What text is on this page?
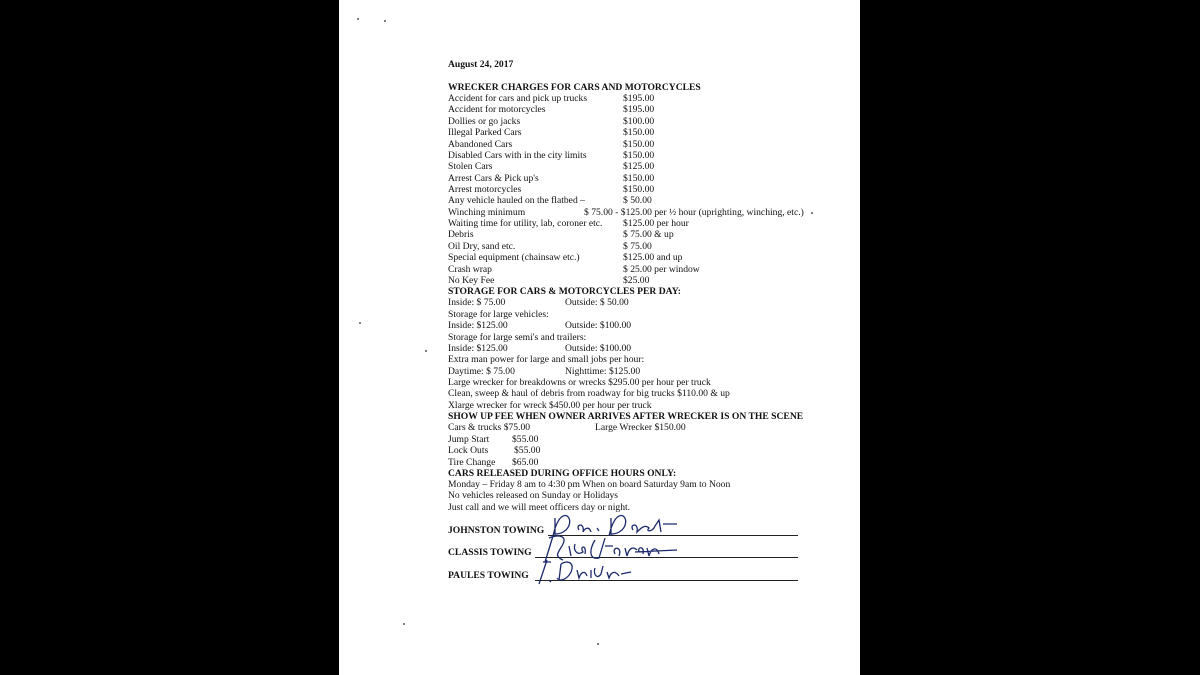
August 24, 2017
WRECKER CHARGES FOR CARS AND MOTORCYCLES
Accident for cars and pick up trucks	$195.00
Accident for motorcycles	$195.00
Dollies or go jacks	$100.00
Illegal Parked Cars	$150.00
Abandoned Cars	$150.00
Disabled Cars with in the city limits	$150.00
Stolen Cars	$125.00
Arrest Cars & Pick up's	$150.00
Arrest motorcycles	$150.00
Any vehicle hauled on the flatbed –	$ 50.00
Winching minimum	$ 75.00 - $125.00 per ½ hour (uprighting, winching, etc.)
Waiting time for utility, lab, coroner etc. $125.00 per hour
Debris	$ 75.00 & up
Oil Dry, sand etc.	$ 75.00
Special equipment (chainsaw etc.)	$125.00 and up
Crash wrap	$ 25.00 per window
No Key Fee	$25.00
STORAGE FOR CARS & MOTORCYCLES PER DAY:
Inside: $ 75.00	Outside: $ 50.00
Storage for large vehicles:
Inside: $125.00	Outside: $100.00
Storage for large semi's and trailers:
Inside: $125.00	Outside: $100.00
Extra man power for large and small jobs per hour:
Daytime: $ 75.00	Nighttime: $125.00
Large wrecker for breakdowns or wrecks $295.00 per hour per truck
Clean, sweep & haul of debris from roadway for big trucks $110.00 & up
Xlarge wrecker for wreck $450.00 per hour per truck
SHOW UP FEE WHEN OWNER ARRIVES AFTER WRECKER IS ON THE SCENE
Cars & trucks $75.00	Large Wrecker $150.00
Jump Start $55.00
Lock Outs	$55.00
Tire Change $65.00
CARS RELEASED DURING OFFICE HOURS ONLY:
Monday – Friday 8 am to 4:30 pm When on board Saturday 9am to Noon
No vehicles released on Sunday or Holidays
Just call and we will meet officers day or night.
JOHNSTON TOWING
CLASSIS TOWING
PAULES TOWING
